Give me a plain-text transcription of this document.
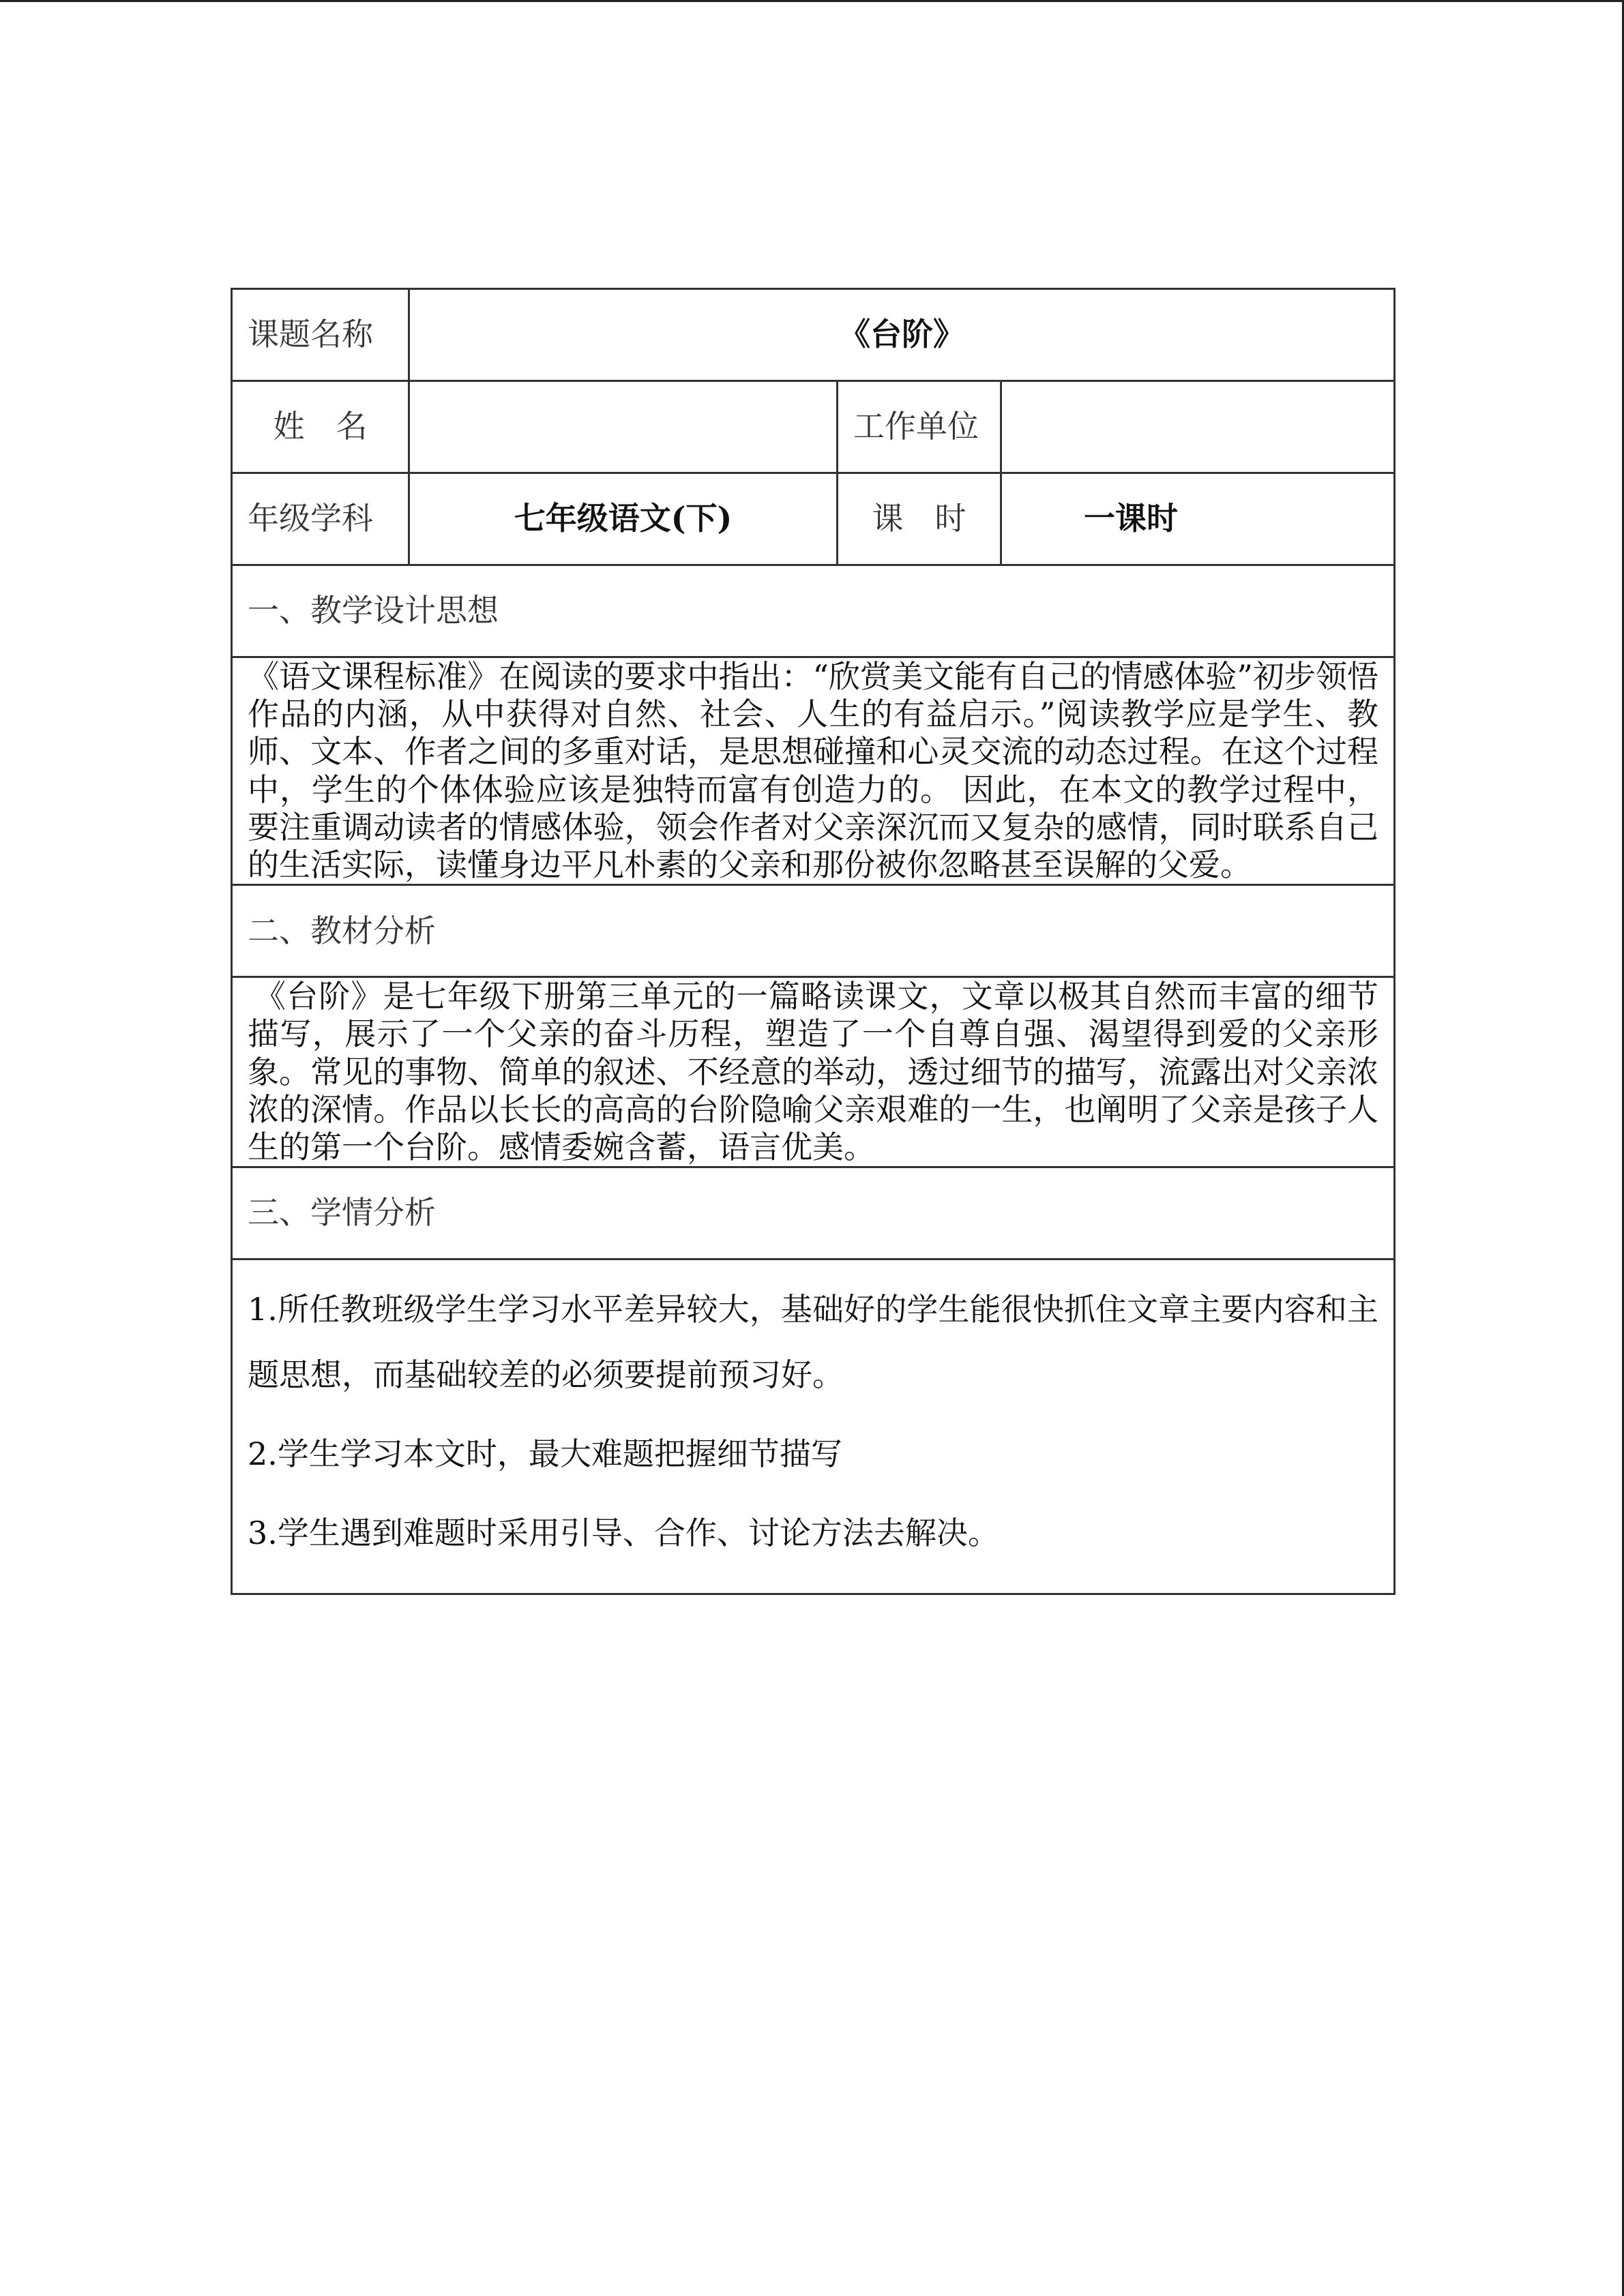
课题名称	《台阶》		
姓　名		工作单位	
年级学科	七年级语文(下)	课　时	一课时
一、教学设计思想			
《语文课程标准》在阅读的要求中指出：“欣赏美文能有自己的情感体验”初步领悟作品的内涵，从中获得对自然、社会、人生的有益启示。”阅读教学应是学生、教师、文本、作者之间的多重对话，是思想碰撞和心灵交流的动态过程。在这个过程中，学生的个体体验应该是独特而富有创造力的。 因此，在本文的教学过程中，要注重调动读者的情感体验，领会作者对父亲深沉而又复杂的感情，同时联系自己的生活实际，读懂身边平凡朴素的父亲和那份被你忽略甚至误解的父爱。			
二、教材分析			
《台阶》是七年级下册第三单元的一篇略读课文，文章以极其自然而丰富的细节描写，展示了一个父亲的奋斗历程，塑造了一个自尊自强、渴望得到爱的父亲形象。常见的事物、简单的叙述、不经意的举动，透过细节的描写，流露出对父亲浓浓的深情。作品以长长的高高的台阶隐喻父亲艰难的一生，也阐明了父亲是孩子人生的第一个台阶。感情委婉含蓄，语言优美。			
三、学情分析			

1.所任教班级学生学习水平差异较大，基础好的学生能很快抓住文章主要内容和主题思想，而基础较差的必须要提前预习好。

2.学生学习本文时，最大难题把握细节描写

3.学生遇到难题时采用引导、合作、讨论方法去解决。			
